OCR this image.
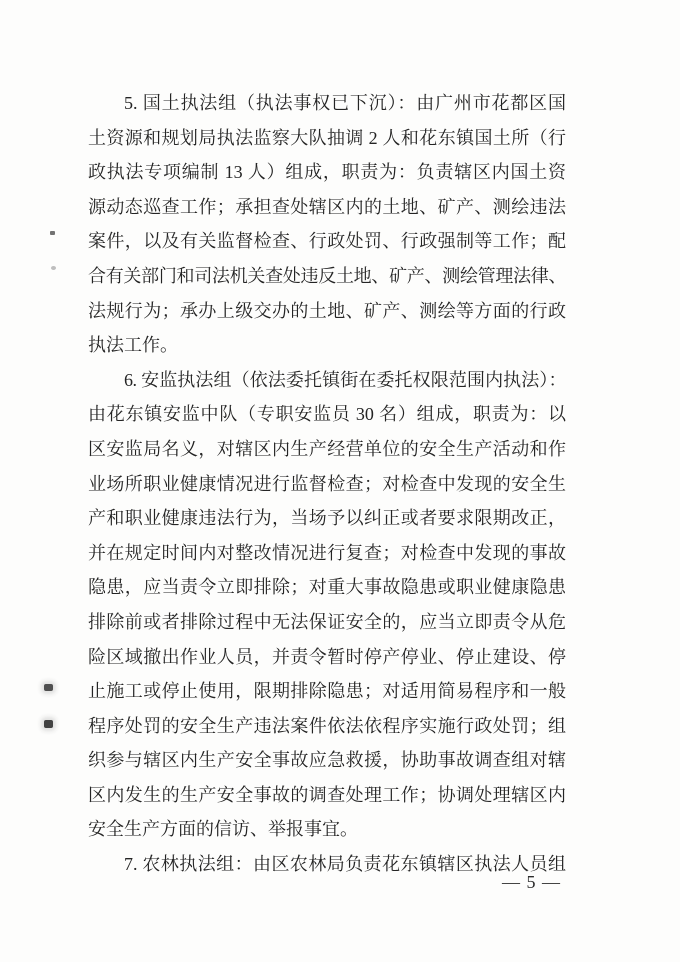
5. 国土执法组（执法事权已下沉）：由广州市花都区国
土资源和规划局执法监察大队抽调 2 人和花东镇国土所（行
政执法专项编制 13 人）组成，职责为：负责辖区内国土资
源动态巡查工作；承担查处辖区内的土地、矿产、测绘违法
案件，以及有关监督检查、行政处罚、行政强制等工作；配
合有关部门和司法机关查处违反土地、矿产、测绘管理法律、
法规行为；承办上级交办的土地、矿产、测绘等方面的行政
执法工作。
6. 安监执法组（依法委托镇街在委托权限范围内执法）：
由花东镇安监中队（专职安监员 30 名）组成，职责为：以
区安监局名义，对辖区内生产经营单位的安全生产活动和作
业场所职业健康情况进行监督检查；对检查中发现的安全生
产和职业健康违法行为，当场予以纠正或者要求限期改正，
并在规定时间内对整改情况进行复查；对检查中发现的事故
隐患，应当责令立即排除；对重大事故隐患或职业健康隐患
排除前或者排除过程中无法保证安全的，应当立即责令从危
险区域撤出作业人员，并责令暂时停产停业、停止建设、停
止施工或停止使用，限期排除隐患；对适用简易程序和一般
程序处罚的安全生产违法案件依法依程序实施行政处罚；组
织参与辖区内生产安全事故应急救援，协助事故调查组对辖
区内发生的生产安全事故的调查处理工作；协调处理辖区内
安全生产方面的信访、举报事宜。
7. 农林执法组：由区农林局负责花东镇辖区执法人员组
— 5 —
